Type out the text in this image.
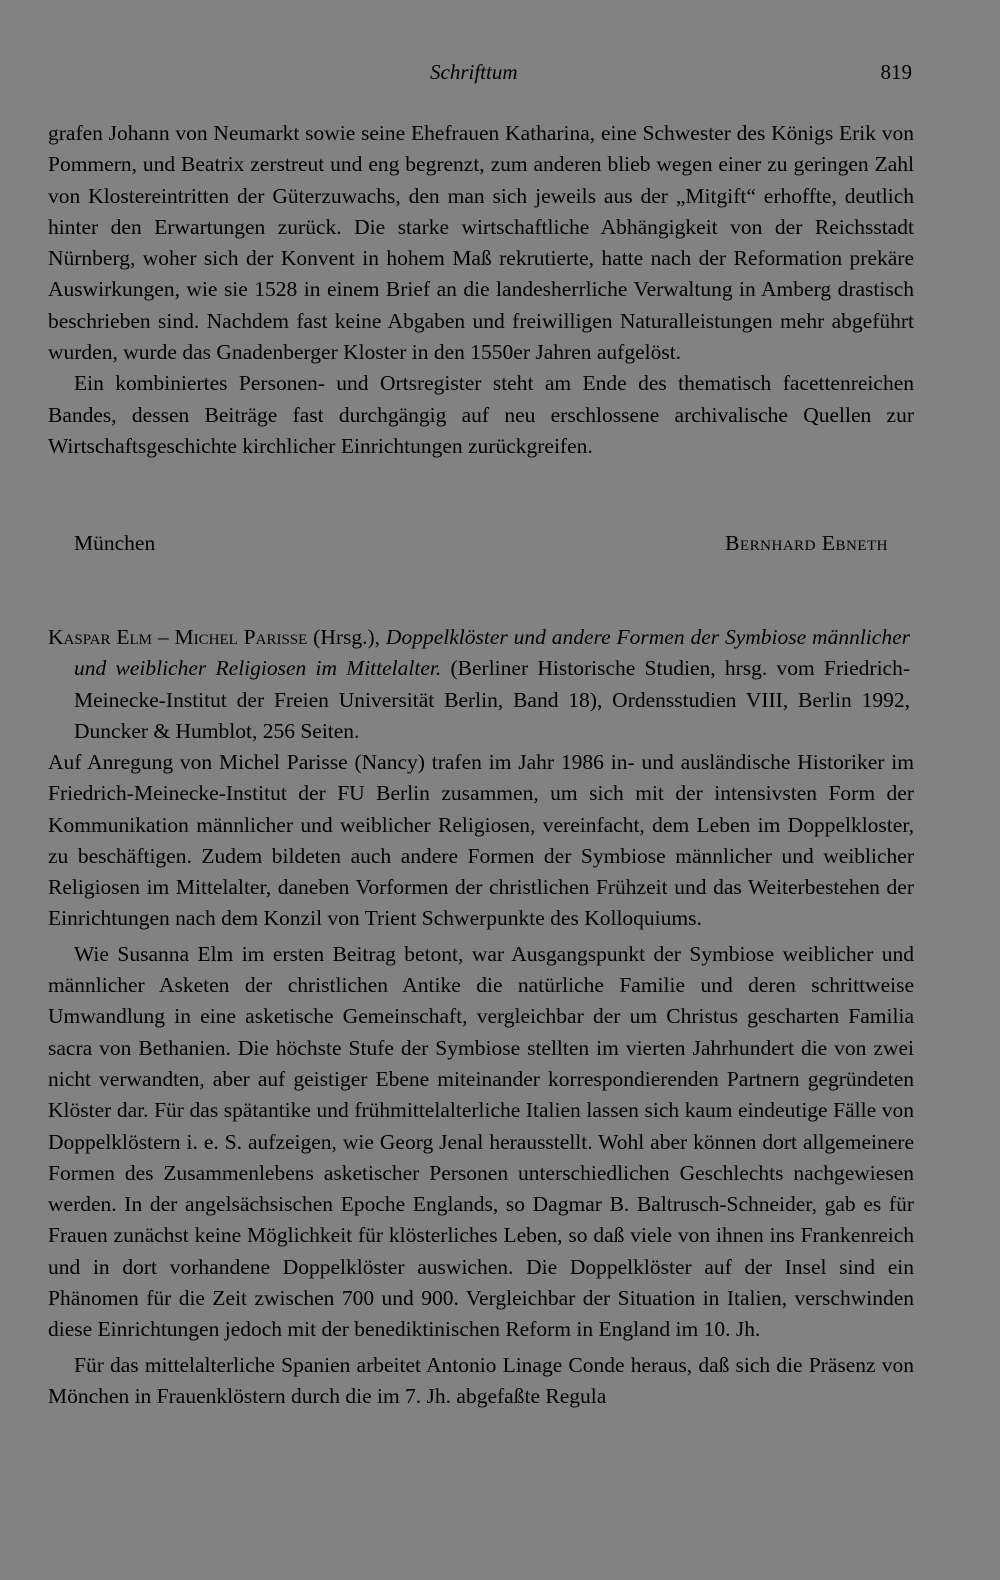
Schrifttum	819

grafen Johann von Neumarkt sowie seine Ehefrauen Katharina, eine Schwester des Königs Erik von Pommern, und Beatrix zerstreut und eng begrenzt, zum anderen blieb wegen einer zu geringen Zahl von Klostereintritten der Güterzuwachs, den man sich jeweils aus der „Mitgift“ erhoffte, deutlich hinter den Erwartungen zurück. Die starke wirtschaftliche Abhängigkeit von der Reichsstadt Nürnberg, woher sich der Konvent in hohem Maß rekrutierte, hatte nach der Reformation prekäre Auswirkungen, wie sie 1528 in einem Brief an die landesherrliche Verwaltung in Amberg drastisch beschrieben sind. Nachdem fast keine Abgaben und freiwilligen Naturalleistungen mehr abgeführt wurden, wurde das Gnadenberger Kloster in den 1550er Jahren aufgelöst.

Ein kombiniertes Personen- und Ortsregister steht am Ende des thematisch facettenreichen Bandes, dessen Beiträge fast durchgängig auf neu erschlossene archivalische Quellen zur Wirtschaftsgeschichte kirchlicher Einrichtungen zurückgreifen.

München	Bernhard Ebneth
Kaspar Elm – Michel Parisse (Hrsg.), Doppelklöster und andere Formen der Symbiose männlicher und weiblicher Religiosen im Mittelalter. (Berliner Historische Studien, hrsg. vom Friedrich-Meinecke-Institut der Freien Universität Berlin, Band 18), Ordensstudien VIII, Berlin 1992, Duncker & Humblot, 256 Seiten.

Auf Anregung von Michel Parisse (Nancy) trafen im Jahr 1986 in- und ausländische Historiker im Friedrich-Meinecke-Institut der FU Berlin zusammen, um sich mit der intensivsten Form der Kommunikation männlicher und weiblicher Religiosen, vereinfacht, dem Leben im Doppelkloster, zu beschäftigen. Zudem bildeten auch andere Formen der Symbiose männlicher und weiblicher Religiosen im Mittelalter, daneben Vorformen der christlichen Frühzeit und das Weiterbestehen der Einrichtungen nach dem Konzil von Trient Schwerpunkte des Kolloquiums.

Wie Susanna Elm im ersten Beitrag betont, war Ausgangspunkt der Symbiose weiblicher und männlicher Asketen der christlichen Antike die natürliche Familie und deren schrittweise Umwandlung in eine asketische Gemeinschaft, vergleichbar der um Christus gescharten Familia sacra von Bethanien. Die höchste Stufe der Symbiose stellten im vierten Jahrhundert die von zwei nicht verwandten, aber auf geistiger Ebene miteinander korrespondierenden Partnern gegründeten Klöster dar. Für das spätantike und frühmittelalterliche Italien lassen sich kaum eindeutige Fälle von Doppelklöstern i. e. S. aufzeigen, wie Georg Jenal herausstellt. Wohl aber können dort allgemeinere Formen des Zusammenlebens asketischer Personen unterschiedlichen Geschlechts nachgewiesen werden. In der angelsächsischen Epoche Englands, so Dagmar B. Baltrusch-Schneider, gab es für Frauen zunächst keine Möglichkeit für klösterliches Leben, so daß viele von ihnen ins Frankenreich und in dort vorhandene Doppelklöster auswichen. Die Doppelklöster auf der Insel sind ein Phänomen für die Zeit zwischen 700 und 900. Vergleichbar der Situation in Italien, verschwinden diese Einrichtungen jedoch mit der benediktinischen Reform in England im 10. Jh.

Für das mittelalterliche Spanien arbeitet Antonio Linage Conde heraus, daß sich die Präsenz von Mönchen in Frauenklöstern durch die im 7. Jh. abgefaßte Regula
